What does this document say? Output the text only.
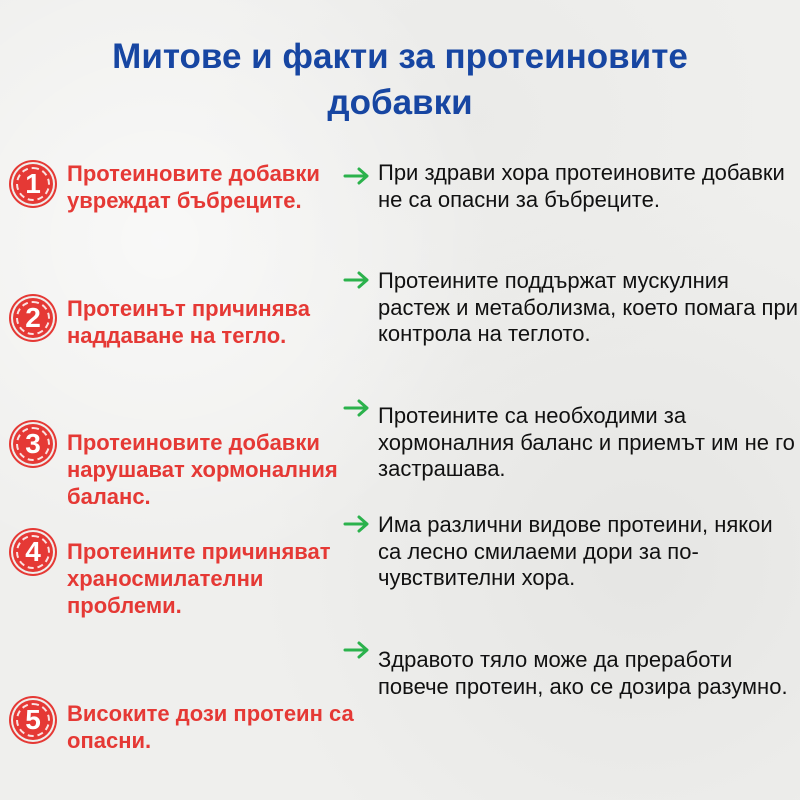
Митове и факти за протеиновите
добавки
1 Протеиновите добавки увреждат бъбреците.
При здрави хора протеиновите добавки не са опасни за бъбреците.
2 Протеинът причинява наддаване на тегло.
Протеините поддържат мускулния растеж и метаболизма, което помага при контрола на теглото.
3 Протеиновите добавки нарушават хормоналния баланс.
Протеините са необходими за хормоналния баланс и приемът им не го застрашава.
4 Протеините причиняват храносмилателни проблеми.
Има различни видове протеини, някои са лесно смилаеми дори за по-чувствителни хора.
5 Високите дози протеин са опасни.
Здравото тяло може да преработи повече протеин, ако се дозира разумно.
